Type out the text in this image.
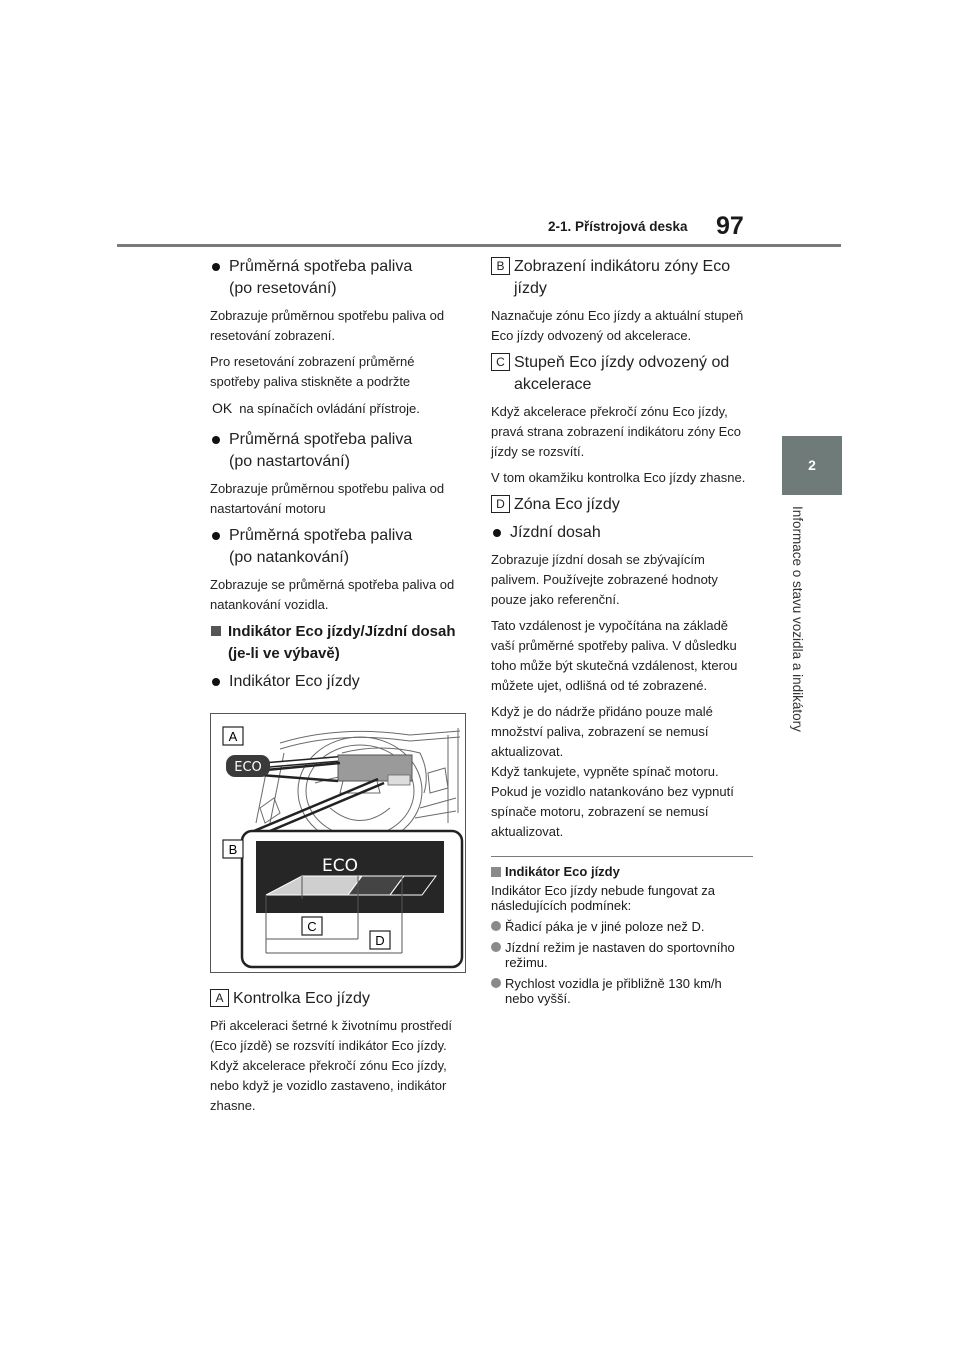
2-1. Přístrojová deska 97
2
Informace o stavu vozidla a indikátory
Průměrná spotřeba paliva
(po resetování)

Zobrazuje průměrnou spotřebu paliva od resetování zobrazení.

Pro resetování zobrazení průměrné spotřeby paliva stiskněte a podržte

OK na spínačích ovládání přístroje.
Průměrná spotřeba paliva
(po nastartování)

Zobrazuje průměrnou spotřebu paliva od nastartování motoru

Průměrná spotřeba paliva
(po natankování)

Zobrazuje se průměrná spotřeba paliva od natankování vozidla.

Indikátor Eco jízdy/Jízdní dosah
(je-li ve výbavě)
Indikátor Eco jízdy
ECO
A
ECO
B
C
D
A Kontrolka Eco jízdy

Při akceleraci šetrné k životnímu prostředí (Eco jízdě) se rozsvítí indikátor Eco jízdy. Když akcelerace překročí zónu Eco jízdy, nebo když je vozidlo zastaveno, indikátor zhasne.

B Zobrazení indikátoru zóny Eco
jízdy

Naznačuje zónu Eco jízdy a aktuální stupeň Eco jízdy odvozený od akcelerace.

C Stupeň Eco jízdy odvozený od
akcelerace

Když akcelerace překročí zónu Eco jízdy, pravá strana zobrazení indikátoru zóny Eco jízdy se rozsvítí.

V tom okamžiku kontrolka Eco jízdy zhasne.

D Zóna Eco jízdy
Jízdní dosah

Zobrazuje jízdní dosah se zbývajícím palivem. Používejte zobrazené hodnoty pouze jako referenční.

Tato vzdálenost je vypočítána na základě vaší průměrné spotřeby paliva. V důsledku toho může být skutečná vzdálenost, kterou můžete ujet, odlišná od té zobrazené.

Když je do nádrže přidáno pouze malé množství paliva, zobrazení se nemusí aktualizovat.

Když tankujete, vypněte spínač motoru. Pokud je vozidlo natankováno bez vypnutí spínače motoru, zobrazení se nemusí aktualizovat.

Indikátor Eco jízdy
Indikátor Eco jízdy nebude fungovat za následujících podmínek:
Řadicí páka je v jiné poloze než D.
Jízdní režim je nastaven do sportovního režimu.
Rychlost vozidla je přibližně 130 km/h nebo vyšší.
